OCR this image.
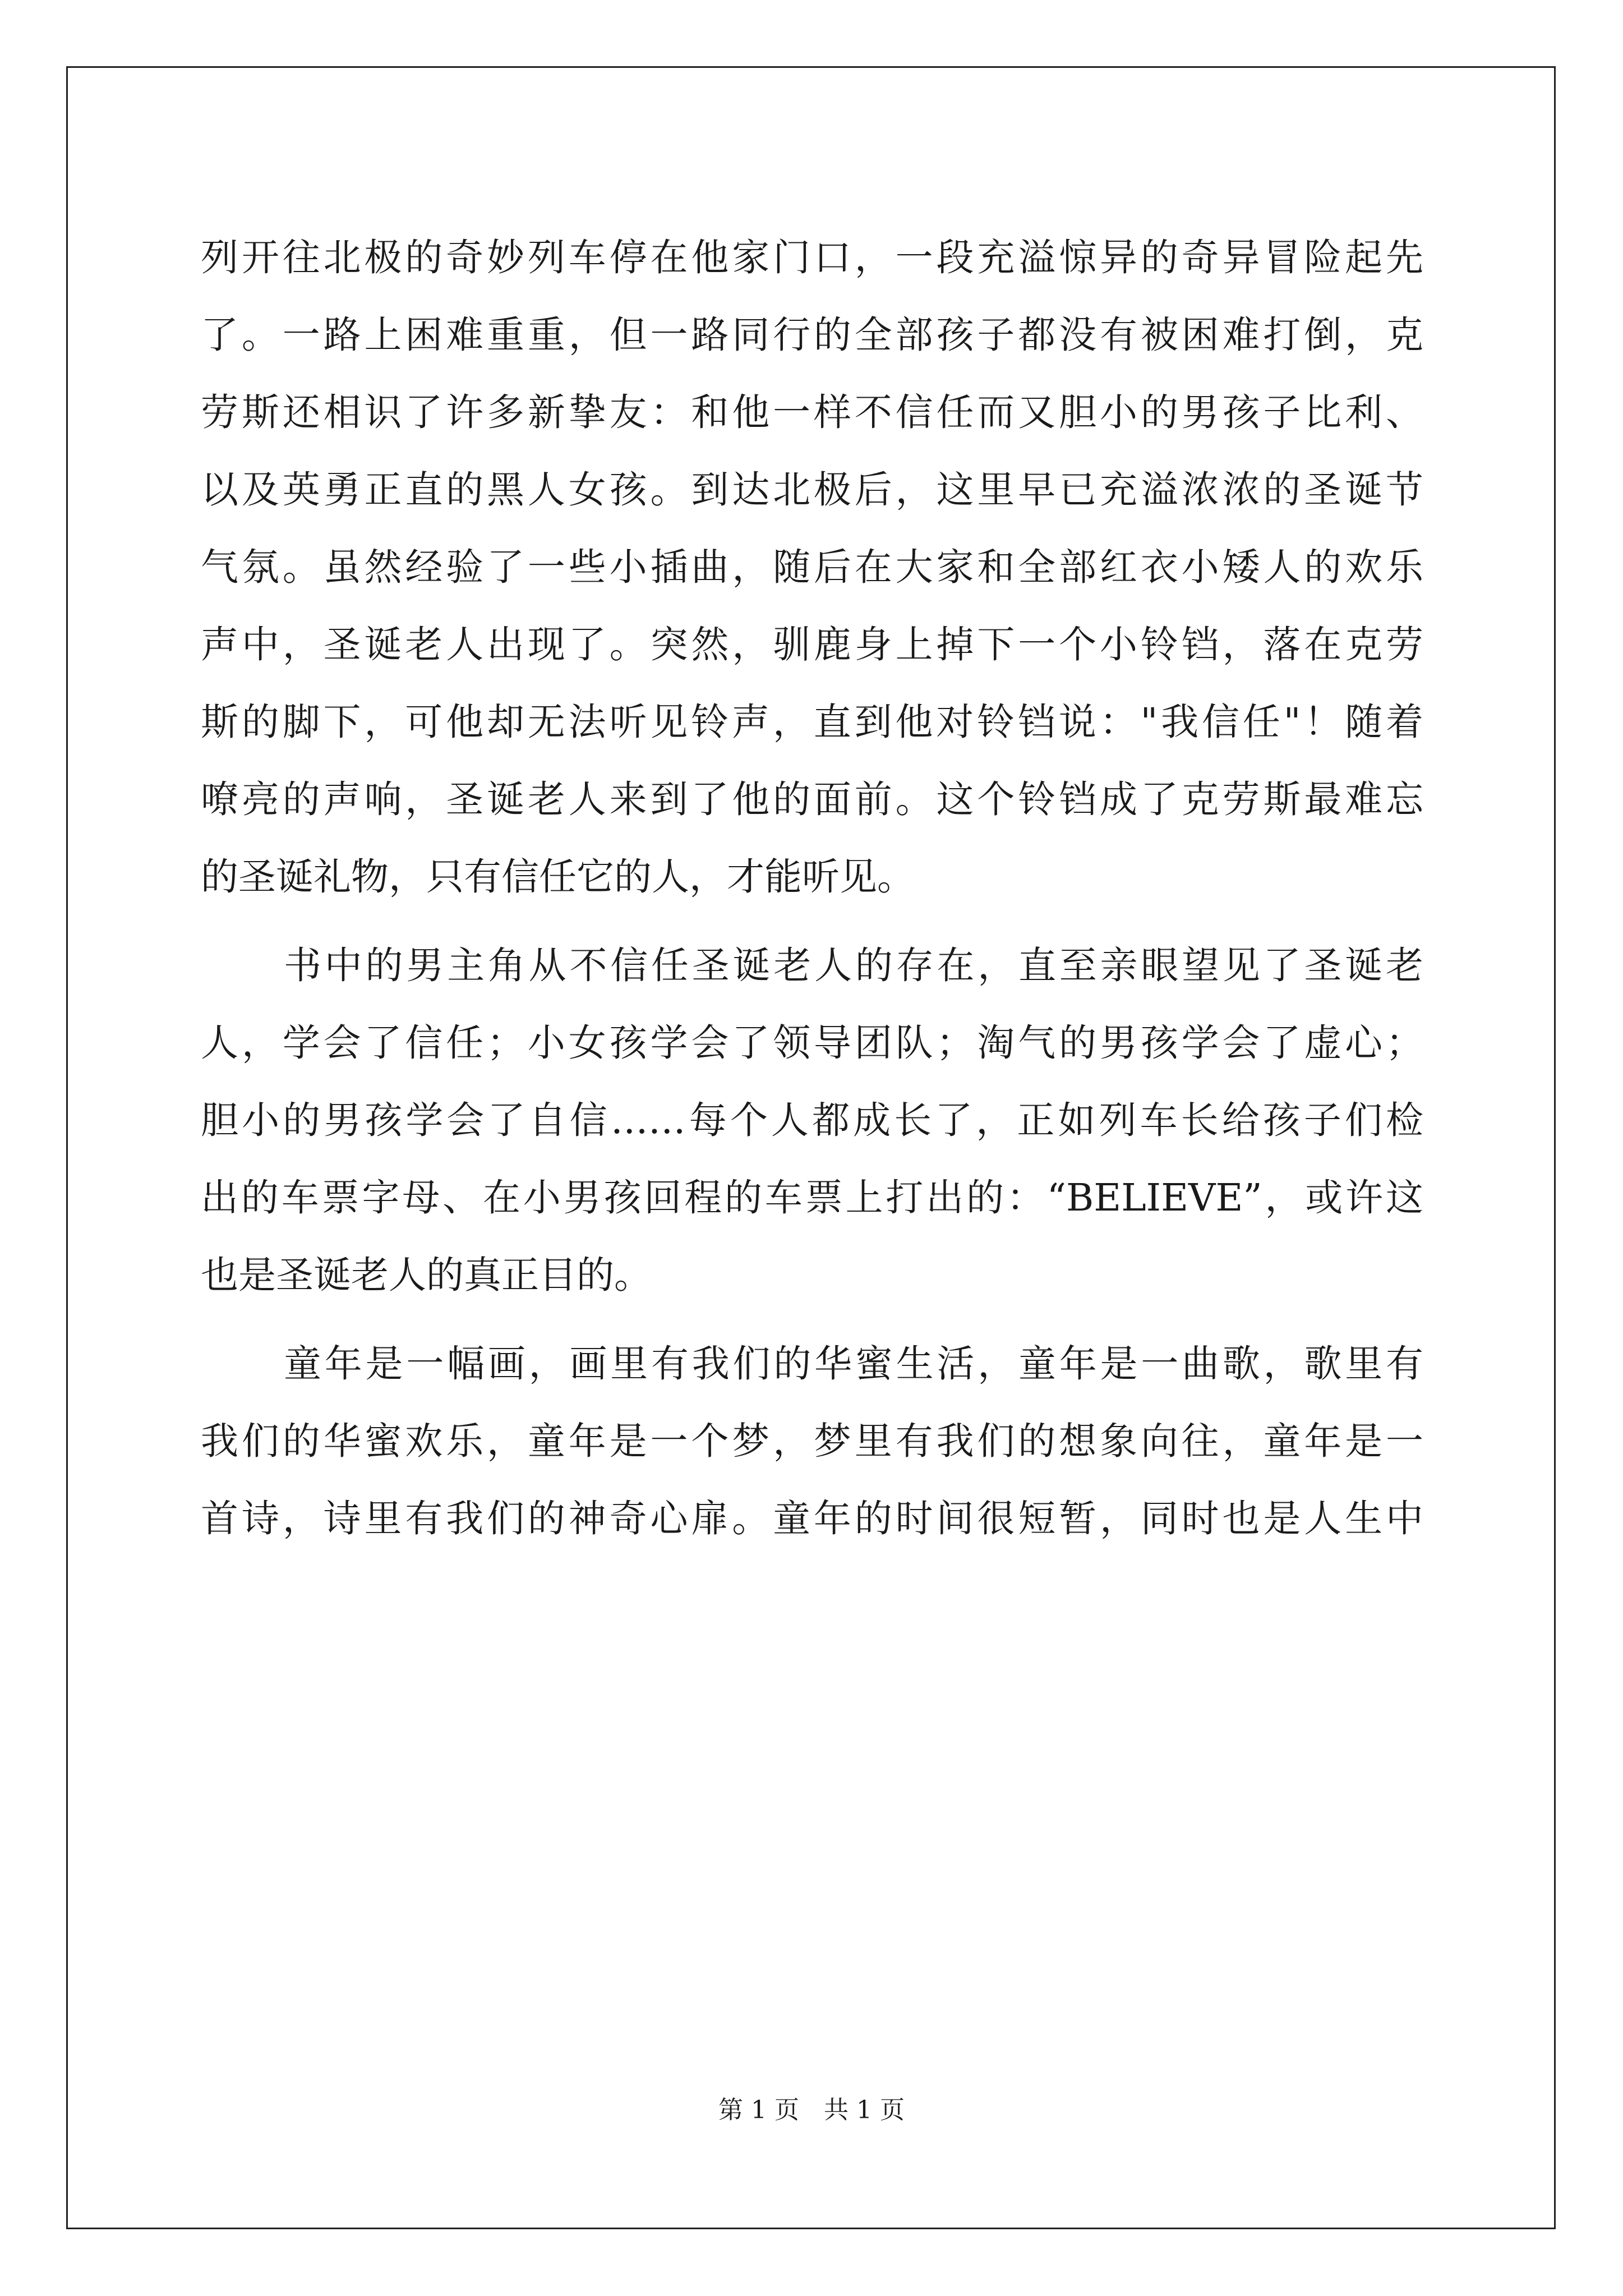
列开往北极的奇妙列车停在他家门口，一段充溢惊异的奇异冒险起先
了。一路上困难重重，但一路同行的全部孩子都没有被困难打倒，克
劳斯还相识了许多新挚友：和他一样不信任而又胆小的男孩子比利、
以及英勇正直的黑人女孩。到达北极后，这里早已充溢浓浓的圣诞节
气氛。虽然经验了一些小插曲，随后在大家和全部红衣小矮人的欢乐
声中，圣诞老人出现了。突然，驯鹿身上掉下一个小铃铛，落在克劳
斯的脚下，可他却无法听见铃声，直到他对铃铛说："我信任"！随着
嘹亮的声响，圣诞老人来到了他的面前。这个铃铛成了克劳斯最难忘
的圣诞礼物，只有信任它的人，才能听见。
书中的男主角从不信任圣诞老人的存在，直至亲眼望见了圣诞老
人，学会了信任；小女孩学会了领导团队；淘气的男孩学会了虚心；
胆小的男孩学会了自信……每个人都成长了，正如列车长给孩子们检
出的车票字母、在小男孩回程的车票上打出的：“BELIEVE”，或许这
也是圣诞老人的真正目的。
童年是一幅画，画里有我们的华蜜生活，童年是一曲歌，歌里有
我们的华蜜欢乐，童年是一个梦，梦里有我们的想象向往，童年是一
首诗，诗里有我们的神奇心扉。童年的时间很短暂，同时也是人生中
第 1 页　共 1 页
